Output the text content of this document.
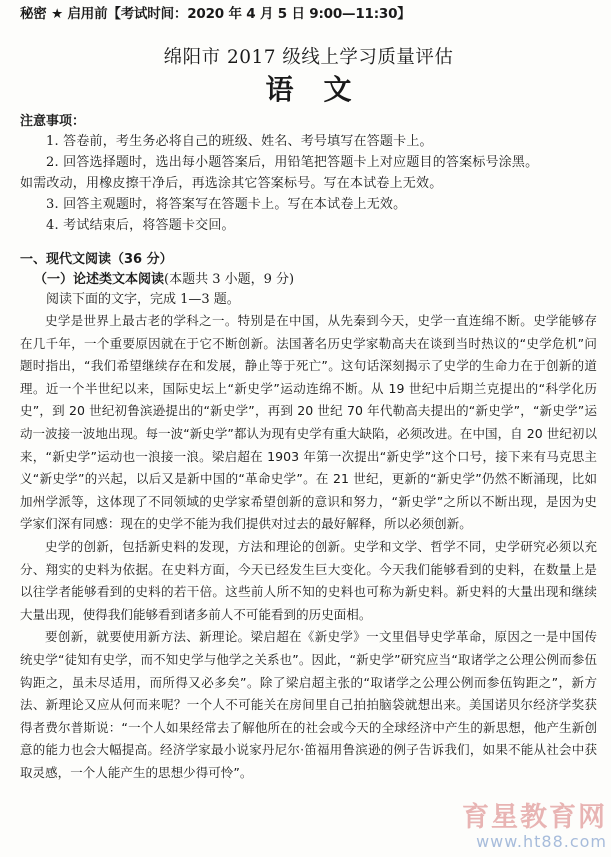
秘密 ★ 启用前【考试时间：2020 年 4 月 5 日 9:00—11:30】
绵阳市 2017 级线上学习质量评估
语文
注意事项：

1. 答卷前，考生务必将自己的班级、姓名、考号填写在答题卡上。

2. 回答选择题时，选出每小题答案后，用铅笔把答题卡上对应题目的答案标号涂黑。

如需改动，用橡皮擦干净后，再选涂其它答案标号。写在本试卷上无效。

3. 回答主观题时，将答案写在答题卡上。写在本试卷上无效。

4. 考试结束后，将答题卡交回。

一、现代文阅读（36 分）
（一）论述类文本阅读(本题共 3 小题，9 分)

阅读下面的文字，完成 1—3 题。

史学是世界上最古老的学科之一。特别是在中国，从先秦到今天，史学一直连绵不断。史学能够存在几千年，一个重要原因就在于它不断创新。法国著名历史学家勒高夫在谈到当时热议的“史学危机”问题时指出，“我们希望继续存在和发展，静止等于死亡”。这句话深刻揭示了史学的生命力在于创新的道理。近一个半世纪以来，国际史坛上“新史学”运动连绵不断。从 19 世纪中后期兰克提出的“科学化历史”，到 20 世纪初鲁滨逊提出的“新史学”，再到 20 世纪 70 年代勒高夫提出的“新史学”，“新史学”运动一波接一波地出现。每一波“新史学”都认为现有史学有重大缺陷，必须改进。在中国，自 20 世纪初以来，“新史学”运动也一浪接一浪。梁启超在 1903 年第一次提出“新史学”这个口号，接下来有马克思主义“新史学”的兴起，以后又是新中国的“革命史学”。在 21 世纪，更新的“新史学”仍然不断涌现，比如加州学派等，这体现了不同领域的史学家希望创新的意识和努力，“新史学”之所以不断出现，是因为史学家们深有同感：现在的史学不能为我们提供对过去的最好解释，所以必须创新。

史学的创新，包括新史料的发现，方法和理论的创新。史学和文学、哲学不同，史学研究必须以充分、翔实的史料为依据。在史料方面，今天已经发生巨大变化。今天我们能够看到的史料，在数量上是以往学者能够看到的史料的若干倍。这些前人所不知的史料也可称为新史料。新史料的大量出现和继续大量出现，使得我们能够看到诸多前人不可能看到的历史面相。

要创新，就要使用新方法、新理论。梁启超在《新史学》一文里倡导史学革命，原因之一是中国传统史学“徒知有史学，而不知史学与他学之关系也”。因此，“新史学”研究应当“取诸学之公理公例而参伍钩距之，虽未尽适用，而所得又必多矣”。除了梁启超主张的“取诸学之公理公例而参伍钩距之”，新方法、新理论又应从何而来呢？一个人不可能关在房间里自己拍拍脑袋就想出来。美国诺贝尔经济学奖获得者费尔普斯说：“一个人如果经常去了解他所在的社会或今天的全球经济中产生的新思想，他产生新创意的能力也会大幅提高。经济学家最小说家丹尼尔·笛福用鲁滨逊的例子告诉我们，如果不能从社会中获取灵感，一个人能产生的思想少得可怜”。

育星教育网
www.ht88.com
